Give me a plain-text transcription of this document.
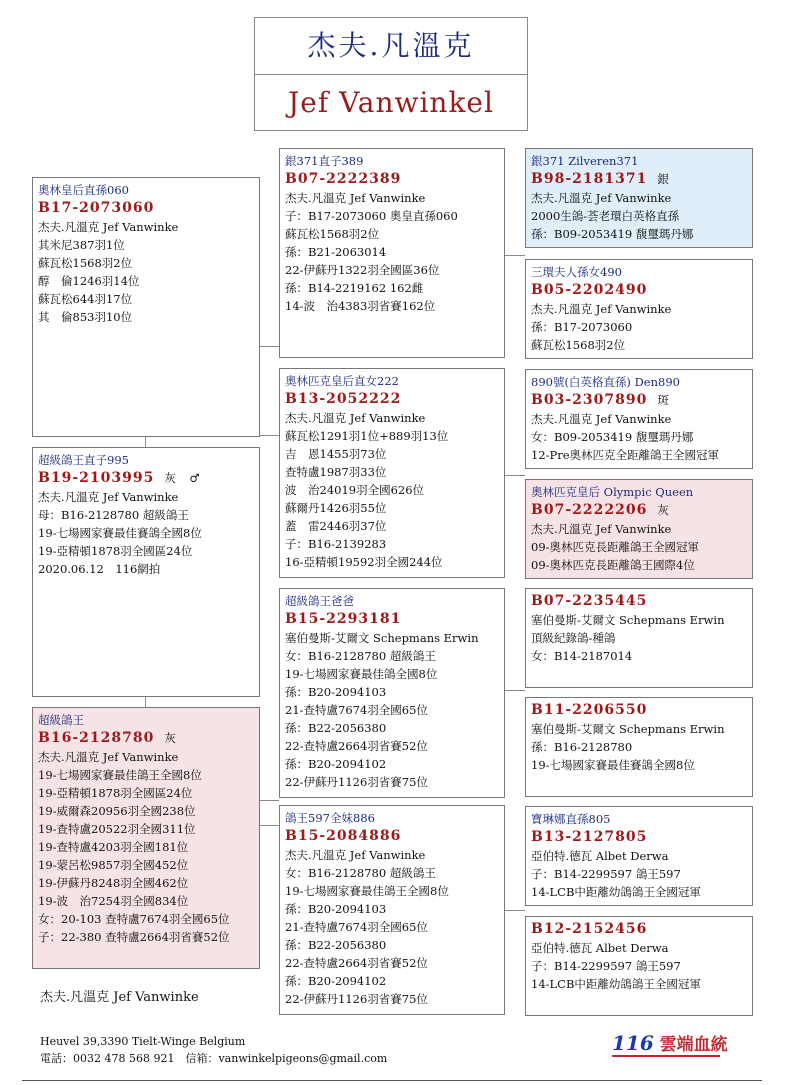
杰夫.凡溫克
Jef Vanwinkel
奧林皇后直孫060
B17-2073060
杰夫.凡溫克 Jef Vanwinke
其米尼387羽1位
蘇瓦松1568羽2位
醇　倫1246羽14位
蘇瓦松644羽17位
其　倫853羽10位
超級鴿王直子995
B19-2103995 灰　♂
杰夫.凡溫克 Jef Vanwinke
母：B16-2128780 超級鴿王
19-七場國家賽最佳賽鴿全國8位
19-亞精頓1878羽全國區24位
2020.06.12　116網拍
超級鴿王
B16-2128780 灰
杰夫.凡溫克 Jef Vanwinke
19-七場國家賽最佳鴿王全國8位
19-亞精頓1878羽全國區24位
19-威爾森20956羽全國238位
19-查特盧20522羽全國311位
19-查特盧4203羽全國181位
19-蒙呂松9857羽全國452位
19-伊蘇丹8248羽全國462位
19-波　治7254羽全國834位
女：20-103 查特盧7674羽全國65位
子：22-380 查特盧2664羽省賽52位
銀371直子389
B07-2222389
杰夫.凡溫克 Jef Vanwinke
子：B17-2073060 奧皇直孫060
蘇瓦松1568羽2位
孫：B21-2063014
22-伊蘇丹1322羽全國區36位
孫：B14-2219162 162雌
14-波　治4383羽省賽162位
奧林匹克皇后直女222
B13-2052222
杰夫.凡溫克 Jef Vanwinke
蘇瓦松1291羽1位+889羽13位
吉　恩1455羽73位
查特盧1987羽33位
波　治24019羽全國626位
蘇爾丹1426羽55位
蓋　雷2446羽37位
子：B16-2139283
16-亞精頓19592羽全國244位
超級鴿王爸爸
B15-2293181
塞伯曼斯-艾爾文 Schepmans Erwin
女：B16-2128780 超級鴿王
19-七場國家賽最佳鴿全國8位
孫：B20-2094103
21-查特盧7674羽全國65位
孫：B22-2056380
22-查特盧2664羽省賽52位
孫：B20-2094102
22-伊蘇丹1126羽省賽75位
鴿王597全妹886
B15-2084886
杰夫.凡溫克 Jef Vanwinke
女：B16-2128780 超級鴿王
19-七場國家賽最佳鴿王全國8位
孫：B20-2094103
21-查特盧7674羽全國65位
孫：B22-2056380
22-查特盧2664羽省賽52位
孫：B20-2094102
22-伊蘇丹1126羽省賽75位
銀371 Zilveren371
B98-2181371 銀
杰夫.凡溫克 Jef Vanwinke
2000生鴿-荟老環白英格直孫
孫：B09-2053419 馥璽瑪丹娜
三環夫人孫女490
B05-2202490
杰夫.凡溫克 Jef Vanwinke
孫：B17-2073060
蘇瓦松1568羽2位
890號(白英格直孫) Den890
B03-2307890 斑
杰夫.凡溫克 Jef Vanwinke
女：B09-2053419 馥璽瑪丹娜
12-Pre奧林匹克全距離鴿王全國冠軍
奧林匹克皇后 Olympic Queen
B07-2222206 灰
杰夫.凡溫克 Jef Vanwinke
09-奧林匹克長距離鴿王全國冠軍
09-奧林匹克長距離鴿王國際4位
B07-2235445
塞伯曼斯-艾爾文 Schepmans Erwin
頂級紀錄鴿-種鴿
女：B14-2187014
B11-2206550
塞伯曼斯-艾爾文 Schepmans Erwin
孫：B16-2128780
19-七場國家賽最佳賽鴿全國8位
寶琳娜直孫805
B13-2127805
亞伯特.德瓦 Albet Derwa
子：B14-2299597 鴿王597
14-LCB中距離幼鴿鴿王全國冠軍
B12-2152456
亞伯特.德瓦 Albet Derwa
子：B14-2299597 鴿王597
14-LCB中距離幼鴿鴿王全國冠軍
杰夫.凡溫克 Jef Vanwinke
Heuvel 39,3390 Tielt-Winge Belgium
電話：0032 478 568 921　信箱：vanwinkelpigeons@gmail.com
116 雲端血統
